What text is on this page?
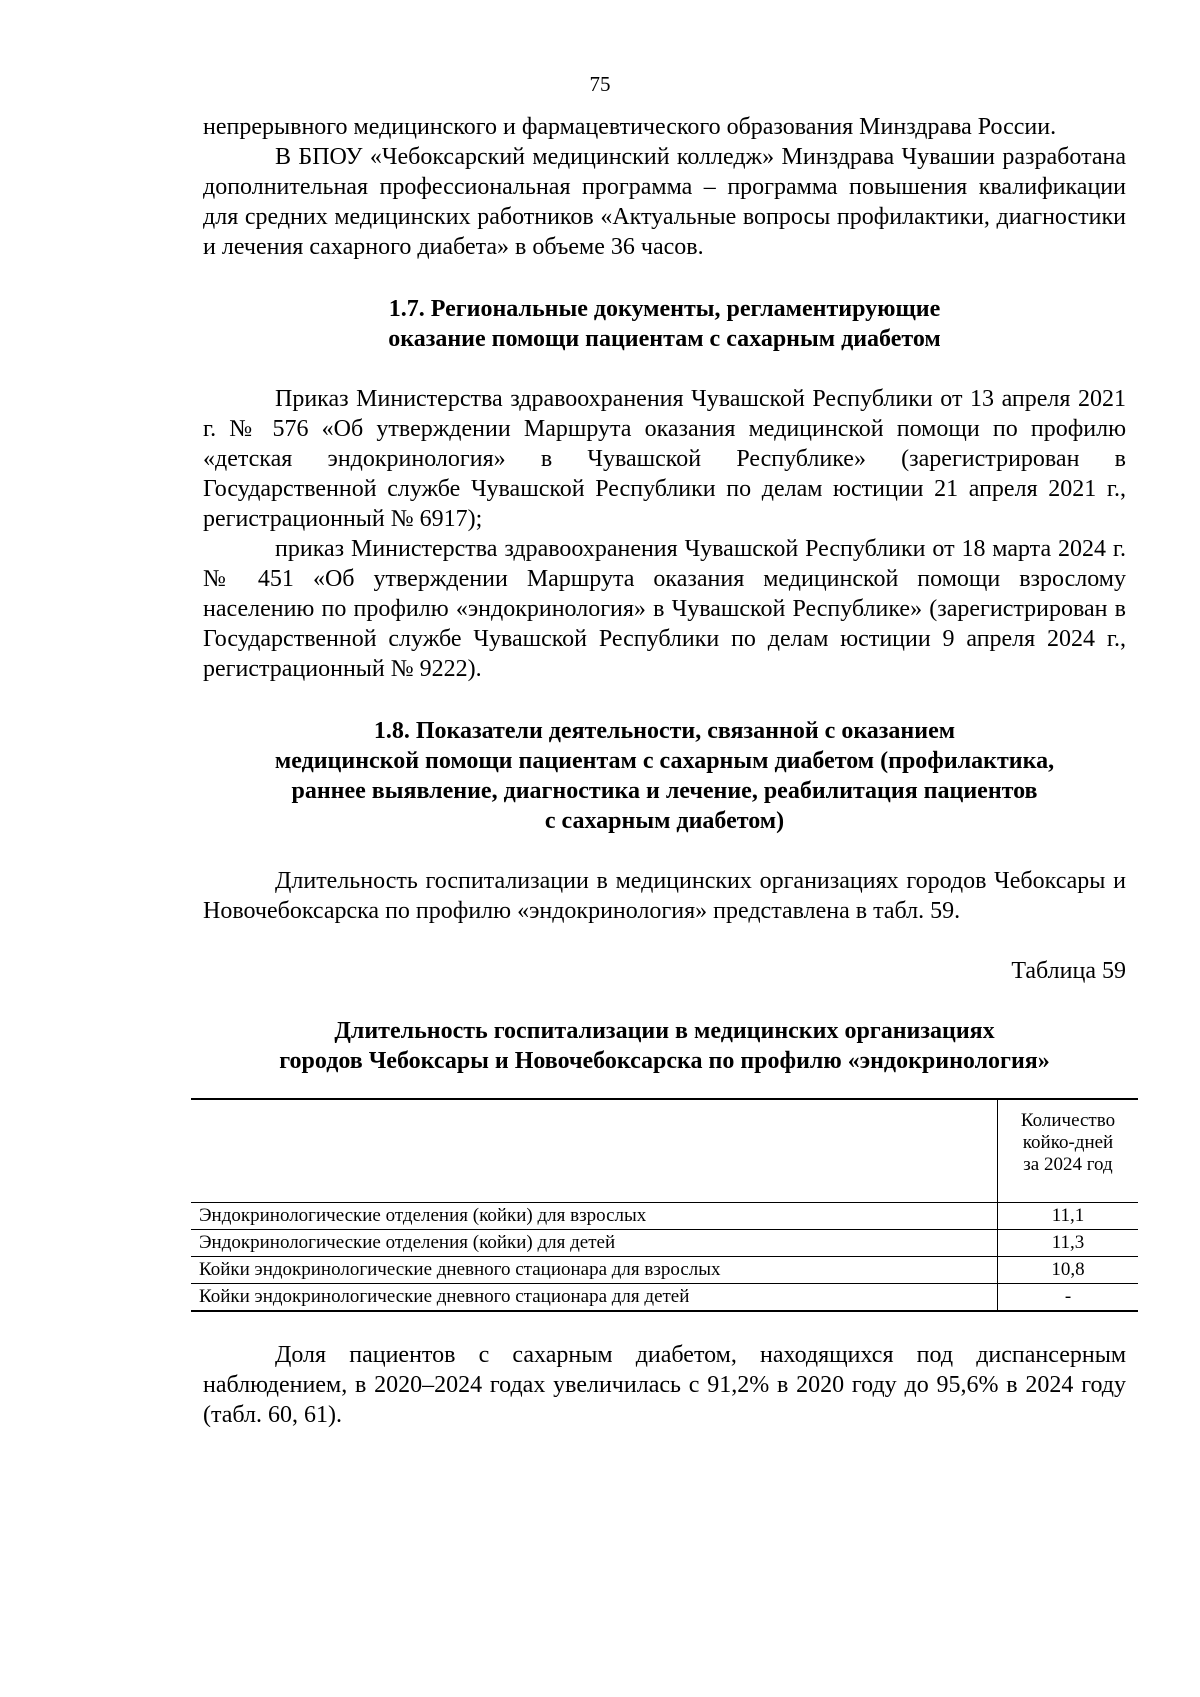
75

непрерывного медицинского и фармацевтического образования Минздрава России.

В БПОУ «Чебоксарский медицинский колледж» Минздрава Чувашии разработана дополнительная профессиональная программа – программа повышения квалификации для средних медицинских работников «Актуальные вопросы профилактики, диагностики и лечения сахарного диабета» в объеме 36 часов.

1.7. Региональные документы, регламентирующие
оказание помощи пациентам с сахарным диабетом

Приказ Министерства здравоохранения Чувашской Республики от 13 апреля 2021 г. № 576 «Об утверждении Маршрута оказания медицинской помощи по профилю «детская эндокринология» в Чувашской Республике» (зарегистрирован в Государственной службе Чувашской Республики по делам юстиции 21 апреля 2021 г., регистрационный № 6917);

приказ Министерства здравоохранения Чувашской Республики от 18 марта 2024 г. № 451 «Об утверждении Маршрута оказания медицинской помощи взрослому населению по профилю «эндокринология» в Чувашской Республике» (зарегистрирован в Государственной службе Чувашской Республики по делам юстиции 9 апреля 2024 г., регистрационный № 9222).

1.8. Показатели деятельности, связанной с оказанием
медицинской помощи пациентам с сахарным диабетом (профилактика,
раннее выявление, диагностика и лечение, реабилитация пациентов
с сахарным диабетом)

Длительность госпитализации в медицинских организациях городов Чебоксары и Новочебоксарска по профилю «эндокринология» представлена в табл. 59.

Таблица 59
Длительность госпитализации в медицинских организациях
городов Чебоксары и Новочебоксарска по профилю «эндокринология»

	Количество
койко-дней
за 2024 год

Эндокринологические отделения (койки) для взрослых	11,1
Эндокринологические отделения (койки) для детей	11,3
Койки эндокринологические дневного стационара для взрослых	10,8
Койки эндокринологические дневного стационара для детей	-

Доля пациентов с сахарным диабетом, находящихся под диспансерным наблюдением, в 2020–2024 годах увеличилась с 91,2% в 2020 году до 95,6% в 2024 году (табл. 60, 61).
